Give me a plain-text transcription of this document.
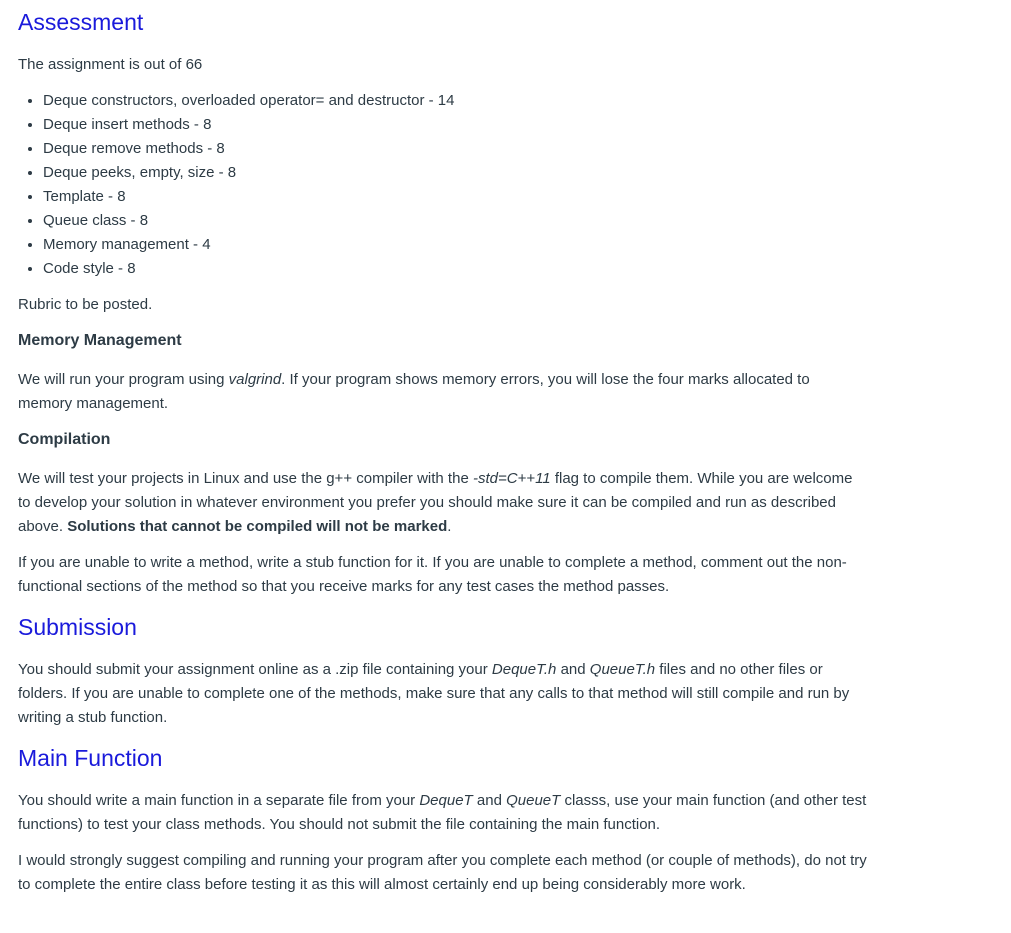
Assessment

The assignment is out of 66

• Deque constructors, overloaded operator= and destructor - 14
• Deque insert methods - 8
• Deque remove methods - 8
• Deque peeks, empty, size - 8
• Template - 8
• Queue class - 8
• Memory management - 4
• Code style - 8

Rubric to be posted.

Memory Management

We will run your program using valgrind. If your program shows memory errors, you will lose the four marks allocated to memory management.

Compilation

We will test your projects in Linux and use the g++ compiler with the -std=C++11 flag to compile them. While you are welcome to develop your solution in whatever environment you prefer you should make sure it can be compiled and run as described above. Solutions that cannot be compiled will not be marked.

If you are unable to write a method, write a stub function for it. If you are unable to complete a method, comment out the non-functional sections of the method so that you receive marks for any test cases the method passes.

Submission

You should submit your assignment online as a .zip file containing your DequeT.h and QueueT.h files and no other files or folders. If you are unable to complete one of the methods, make sure that any calls to that method will still compile and run by writing a stub function.

Main Function

You should write a main function in a separate file from your DequeT and QueueT classs, use your main function (and other test functions) to test your class methods. You should not submit the file containing the main function.

I would strongly suggest compiling and running your program after you complete each method (or couple of methods), do not try to complete the entire class before testing it as this will almost certainly end up being considerably more work.
